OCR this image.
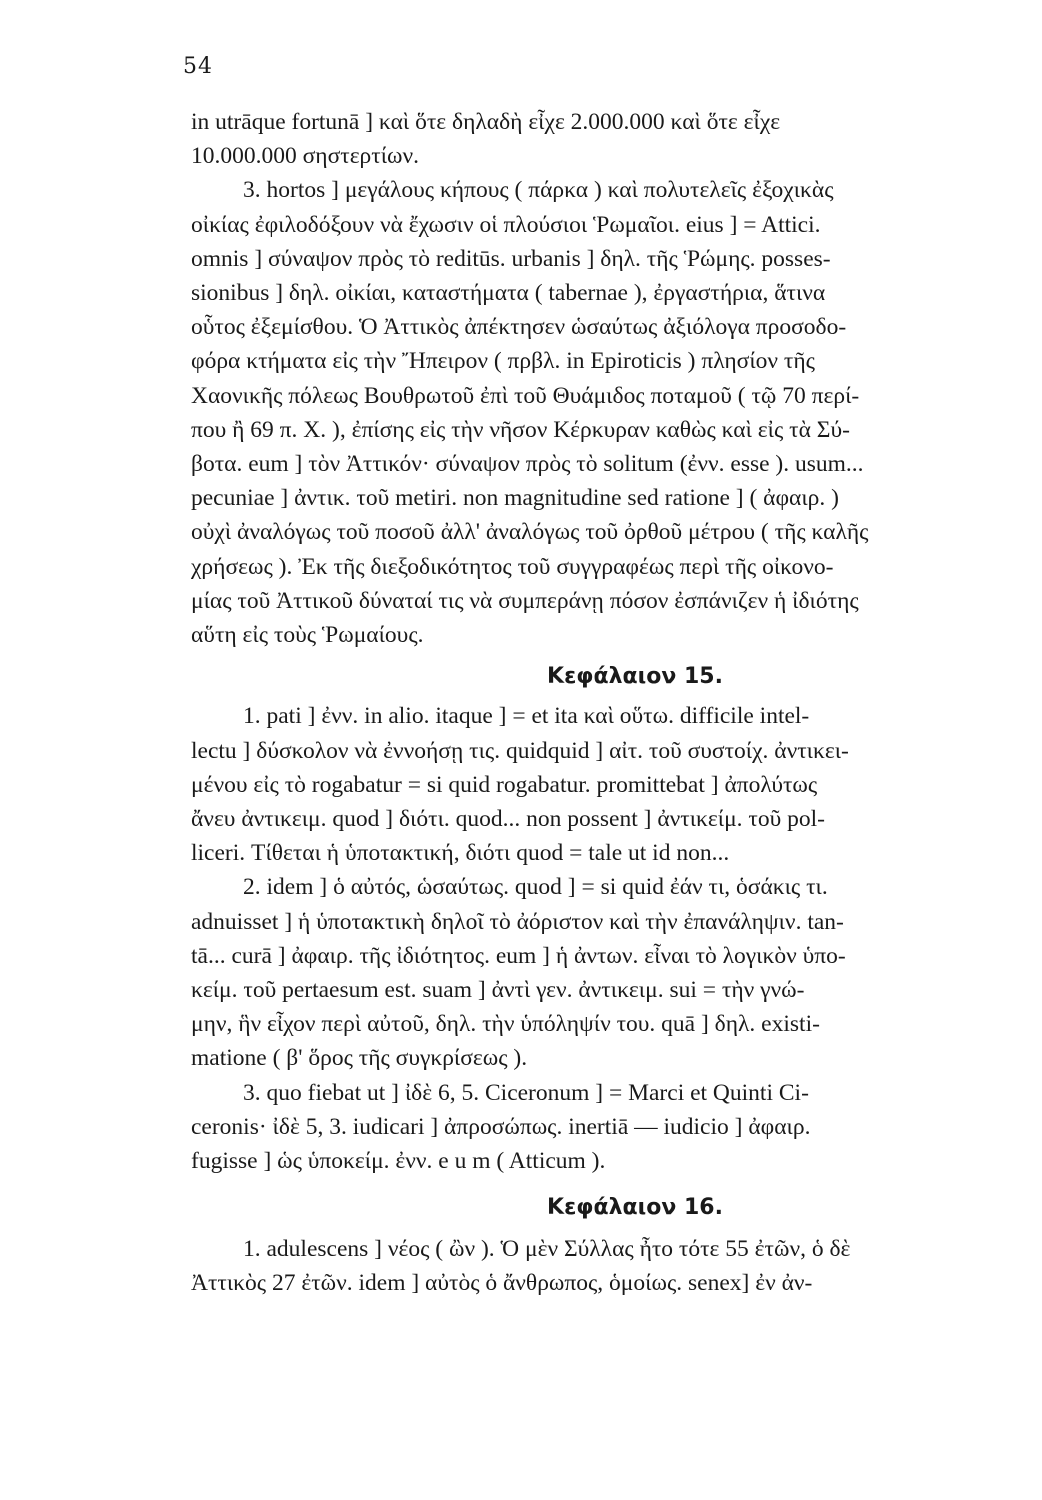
54
in utrāque fortunā ] καὶ ὅτε δηλαδὴ εἶχε 2.000.000 καὶ ὅτε εἶχε
10.000.000 σηστερτίων.
3. hortos ] μεγάλους κήπους ( πάρκα ) καὶ πολυτελεῖς ἐξοχικὰς
οἰκίας ἐφιλοδόξουν νὰ ἔχωσιν οἱ πλούσιοι Ῥωμαῖοι. eius ] = Attici.
omnis ] σύναψον πρὸς τὸ reditūs. urbanis ] δηλ. τῆς Ῥώμης. posses-
sionibus ] δηλ. οἰκίαι, καταστήματα ( tabernae ), ἐργαστήρια, ἅτινα
οὗτος ἐξεμίσθου. Ὁ Ἀττικὸς ἀπέκτησεν ὡσαύτως ἀξιόλογα προσοδο-
φόρα κτήματα εἰς τὴν Ἤπειρον ( πρβλ. in Epiroticis ) πλησίον τῆς
Χαονικῆς πόλεως Βουθρωτοῦ ἐπὶ τοῦ Θυάμιδος ποταμοῦ ( τῷ 70 περί-
που ἢ 69 π. Χ. ), ἐπίσης εἰς τὴν νῆσον Κέρκυραν καθὼς καὶ εἰς τὰ Σύ-
βοτα. eum ] τὸν Ἀττικόν· σύναψον πρὸς τὸ solitum (ἐνν. esse ). usum...
pecuniae ] ἀντικ. τοῦ metiri. non magnitudine sed ratione ] ( ἀφαιρ. )
οὐχὶ ἀναλόγως τοῦ ποσοῦ ἀλλ' ἀναλόγως τοῦ ὀρθοῦ μέτρου ( τῆς καλῆς
χρήσεως ). Ἐκ τῆς διεξοδικότητος τοῦ συγγραφέως περὶ τῆς οἰκονο-
μίας τοῦ Ἀττικοῦ δύναταί τις νὰ συμπεράνῃ πόσον ἐσπάνιζεν ἡ ἰδιότης
αὕτη εἰς τοὺς Ῥωμαίους.
Κεφάλαιον 15.
1. pati ] ἐνν. in alio. itaque ] = et ita καὶ οὕτω. difficile intel-
lectu ] δύσκολον νὰ ἐννοήσῃ τις. quidquid ] αἰτ. τοῦ συστοίχ. ἀντικει-
μένου εἰς τὸ rogabatur = si quid rogabatur. promittebat ] ἀπολύτως
ἄνευ ἀντικειμ. quod ] διότι. quod... non possent ] ἀντικείμ. τοῦ pol-
liceri. Τίθεται ἡ ὑποτακτική, διότι quod = tale ut id non...
2. idem ] ὁ αὐτός, ὡσαύτως. quod ] = si quid ἐάν τι, ὁσάκις τι.
adnuisset ] ἡ ὑποτακτικὴ δηλοῖ τὸ ἀόριστον καὶ τὴν ἐπανάληψιν. tan-
tā... curā ] ἀφαιρ. τῆς ἰδιότητος. eum ] ἡ ἀντων. εἶναι τὸ λογικὸν ὑπο-
κείμ. τοῦ pertaesum est. suam ] ἀντὶ γεν. ἀντικειμ. sui = τὴν γνώ-
μην, ἣν εἶχον περὶ αὐτοῦ, δηλ. τὴν ὑπόληψίν του. quā ] δηλ. existi-
matione ( β' ὅρος τῆς συγκρίσεως ).
3. quo fiebat ut ] ἰδὲ 6, 5. Ciceronum ] = Marci et Quinti Ci-
ceronis· ἰδὲ 5, 3. iudicari ] ἀπροσώπως. inertiā — iudicio ] ἀφαιρ.
fugisse ] ὡς ὑποκείμ. ἐνν. e u m ( Atticum ).
Κεφάλαιον 16.
1. adulescens ] νέος ( ὢν ). Ὁ μὲν Σύλλας ἦτο τότε 55 ἐτῶν, ὁ δὲ
Ἀττικὸς 27 ἐτῶν. idem ] αὐτὸς ὁ ἄνθρωπος, ὁμοίως. senex] ἐν ἀν-
